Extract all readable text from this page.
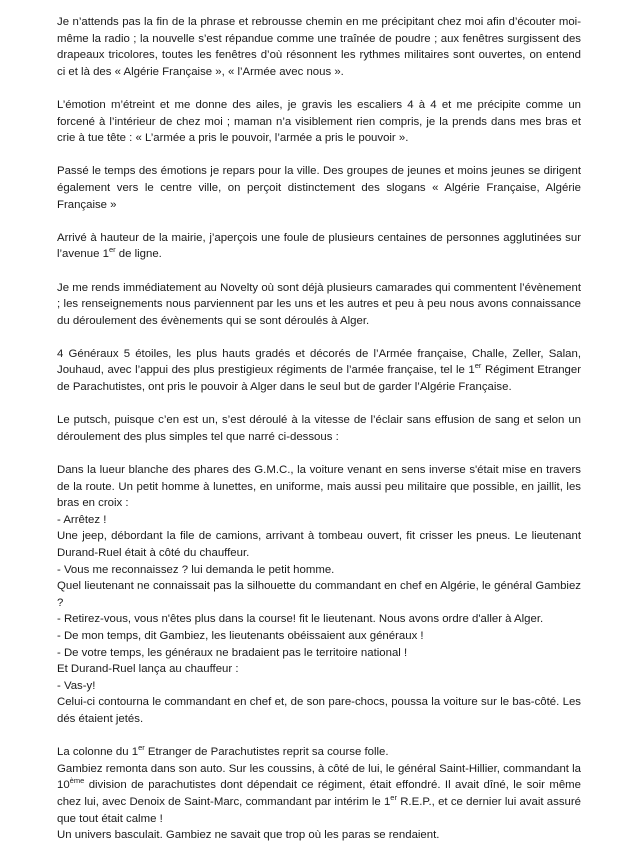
Je n’attends pas la fin de la phrase et rebrousse chemin en me précipitant chez moi afin d’écouter moi-même la radio ; la nouvelle s’est répandue comme une traînée de poudre ; aux fenêtres surgissent des drapeaux tricolores, toutes les fenêtres d’où résonnent les rythmes militaires sont ouvertes, on entend ci et là des « Algérie Française », « l’Armée avec nous ».

L’émotion m’étreint et me donne des ailes, je gravis les escaliers 4 à 4 et me précipite comme un forcené à l’intérieur de chez moi ; maman n’a visiblement rien compris, je la prends dans mes bras et crie à tue tête : « L’armée a pris le pouvoir, l’armée a pris le pouvoir ».

Passé le temps des émotions je repars pour la ville. Des groupes de jeunes et moins jeunes se dirigent également vers le centre ville, on perçoit distinctement des slogans « Algérie Française, Algérie Française »

Arrivé à hauteur de la mairie, j’aperçois une foule de plusieurs centaines de personnes agglutinées sur l’avenue 1er de ligne.

Je me rends immédiatement au Novelty où sont déjà plusieurs camarades qui commentent l’évènement ; les renseignements nous parviennent par les uns et les autres et peu à peu nous avons connaissance du déroulement des évènements qui se sont déroulés à Alger.

4 Généraux 5 étoiles, les plus hauts gradés et décorés de l’Armée française, Challe, Zeller, Salan, Jouhaud, avec l’appui des plus prestigieux régiments de l’armée française, tel le 1er Régiment Etranger de Parachutistes, ont pris le pouvoir à Alger dans le seul but de garder l’Algérie Française.

Le putsch, puisque c’en est un, s’est déroulé à la vitesse de l’éclair sans effusion de sang et selon un déroulement des plus simples tel que narré ci-dessous :

Dans la lueur blanche des phares des G.M.C., la voiture venant en sens inverse s'était mise en travers de la route. Un petit homme à lunettes, en uniforme, mais aussi peu militaire que possible, en jaillit, les bras en croix :
- Arrêtez !
Une jeep, débordant la file de camions, arrivant à tombeau ouvert, fit crisser les pneus. Le lieutenant Durand-Ruel était à côté du chauffeur.
- Vous me reconnaissez ? lui demanda le petit homme.
Quel lieutenant ne connaissait pas la silhouette du commandant en chef en Algérie, le général Gambiez ?
- Retirez-vous, vous n'êtes plus dans la course! fit le lieutenant. Nous avons ordre d'aller à Alger.
- De mon temps, dit Gambiez, les lieutenants obéissaient aux généraux !
- De votre temps, les généraux ne bradaient pas le territoire national !
Et Durand-Ruel lança au chauffeur :
- Vas-y!
Celui-ci contourna le commandant en chef et, de son pare-chocs, poussa la voiture sur le bas-côté. Les dés étaient jetés.
La colonne du 1er Etranger de Parachutistes reprit sa course folle.
Gambiez remonta dans son auto. Sur les coussins, à côté de lui, le général Saint-Hillier, commandant la 10ème division de parachutistes dont dépendait ce régiment, était effondré. Il avait dîné, le soir même chez lui, avec Denoix de Saint-Marc, commandant par intérim le 1er R.E.P., et ce dernier lui avait assuré que tout était calme !
Un univers basculait. Gambiez ne savait que trop où les paras se rendaient.
